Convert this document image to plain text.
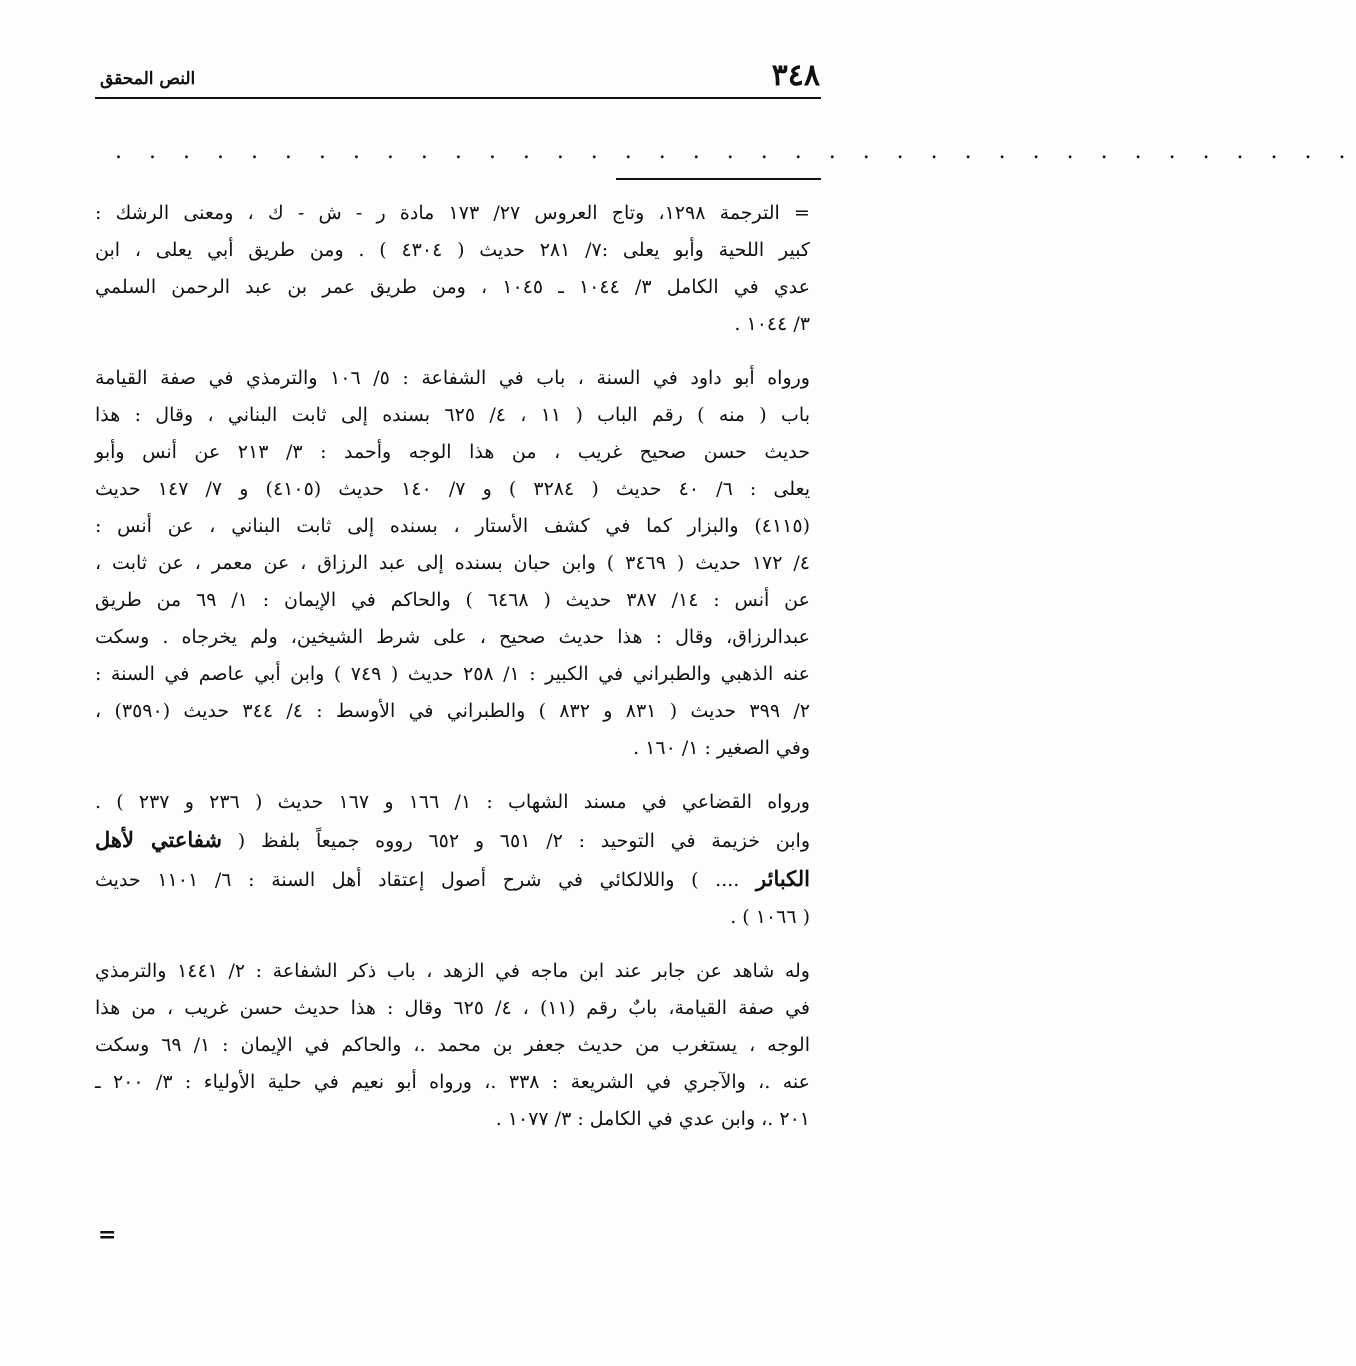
٣٤٨
النص المحقق
. . . . . . . . . . . . . . . . . . . . . . . . . . . . . . . . . . . . .

= الترجمة ١٢٩٨، وتاج العروس ٢٧/ ١٧٣ مادة ر - ش - ك ، ومعنى الرشك :
كبير اللحية وأبو يعلى :٧/ ٢٨١ حديث ( ٤٣٠٤ ) . ومن طريق أبي يعلى ، ابن
عدي في الكامل ٣/ ١٠٤٤ ـ ١٠٤٥ ، ومن طريق عمر بن عبد الرحمن السلمي
٣/ ١٠٤٤ .

ورواه أبو داود في السنة ، باب في الشفاعة : ٥/ ١٠٦ والترمذي في صفة القيامة
باب ( منه ) رقم الباب ( ١١ ، ٤/ ٦٢٥ بسنده إلى ثابت البناني ، وقال : هذا
حديث حسن صحيح غريب ، من هذا الوجه وأحمد : ٣/ ٢١٣ عن أنس وأبو
يعلى : ٦/ ٤٠ حديث ( ٣٢٨٤ ) و ٧/ ١٤٠ حديث (٤١٠٥) و ٧/ ١٤٧ حديث
(٤١١٥) والبزار كما في كشف الأستار ، بسنده إلى ثابت البناني ، عن أنس :
٤/ ١٧٢ حديث ( ٣٤٦٩ ) وابن حبان بسنده إلى عبد الرزاق ، عن معمر ، عن ثابت ،
عن أنس : ١٤/ ٣٨٧ حديث ( ٦٤٦٨ ) والحاكم في الإيمان : ١/ ٦٩ من طريق
عبدالرزاق، وقال : هذا حديث صحيح ، على شرط الشيخين، ولم يخرجاه . وسكت
عنه الذهبي والطبراني في الكبير : ١/ ٢٥٨ حديث ( ٧٤٩ ) وابن أبي عاصم في السنة :
٢/ ٣٩٩ حديث ( ٨٣١ و ٨٣٢ ) والطبراني في الأوسط : ٤/ ٣٤٤ حديث (٣٥٩٠) ،
وفي الصغير : ١/ ١٦٠ .

ورواه القضاعي في مسند الشهاب : ١/ ١٦٦ و ١٦٧ حديث ( ٢٣٦ و ٢٣٧ ) .
وابن خزيمة في التوحيد : ٢/ ٦٥١ و ٦٥٢ رووه جميعاً بلفظ ( شفاعتي لأهل
الكبائر .... ) واللالكائي في شرح أصول إعتقاد أهل السنة : ٦/ ١١٠١ حديث
( ١٠٦٦ ) .

وله شاهد عن جابر عند ابن ماجه في الزهد ، باب ذكر الشفاعة : ٢/ ١٤٤١ والترمذي
في صفة القيامة، بابٌ رقم (١١) ، ٤/ ٦٢٥ وقال : هذا حديث حسن غريب ، من هذا
الوجه ، يستغرب من حديث جعفر بن محمد .، والحاكم في الإيمان : ١/ ٦٩ وسكت
عنه .، والآجري في الشريعة : ٣٣٨ .، ورواه أبو نعيم في حلية الأولياء : ٣/ ٢٠٠ ـ
٢٠١ .، وابن عدي في الكامل : ٣/ ١٠٧٧ .

=
